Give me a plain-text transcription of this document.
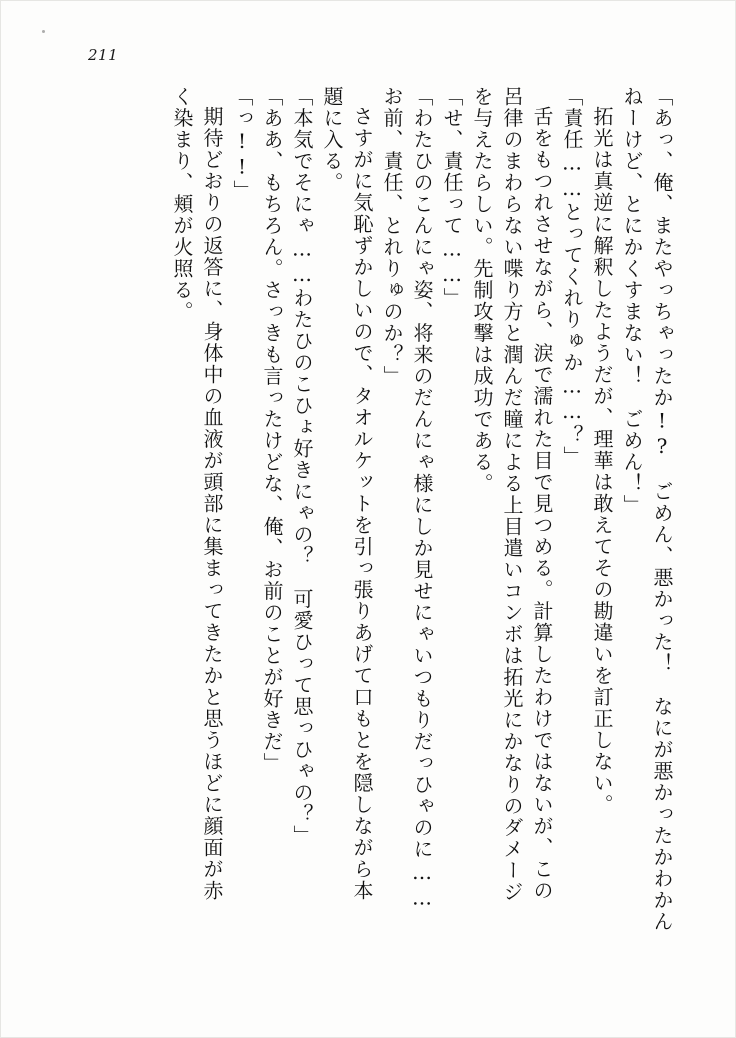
211
「あっ、俺、またやっちゃったか!?　ごめん、悪かった！　なにが悪かったかわかん
ねーけど、とにかくすまない！　ごめん！」
拓光は真逆に解釈したようだが、理華は敢えてその勘違いを訂正しない。
「責任……とってくれりゅか……？」
舌をもつれさせながら、涙で濡れた目で見つめる。計算したわけではないが、この
呂律のまわらない喋り方と潤んだ瞳による上目遣いコンボは拓光にかなりのダメージ
を与えたらしい。先制攻撃は成功である。
「せ、責任って……」
「わたひのこんにゃ姿、将来のだんにゃ様にしか見せにゃいつもりだっひゃのに……
お前、責任、とれりゅのか？」
さすがに気恥ずかしいので、タオルケットを引っ張りあげて口もとを隠しながら本
題に入る。
「本気でそにゃ……わたひのこひょ好きにゃの？　可愛ひって思っひゃの？」
「ああ、もちろん。さっきも言ったけどな、俺、お前のことが好きだ」
「っ!!」
期待どおりの返答に、身体中の血液が頭部に集まってきたかと思うほどに顔面が赤
く染まり、頬が火照る。
